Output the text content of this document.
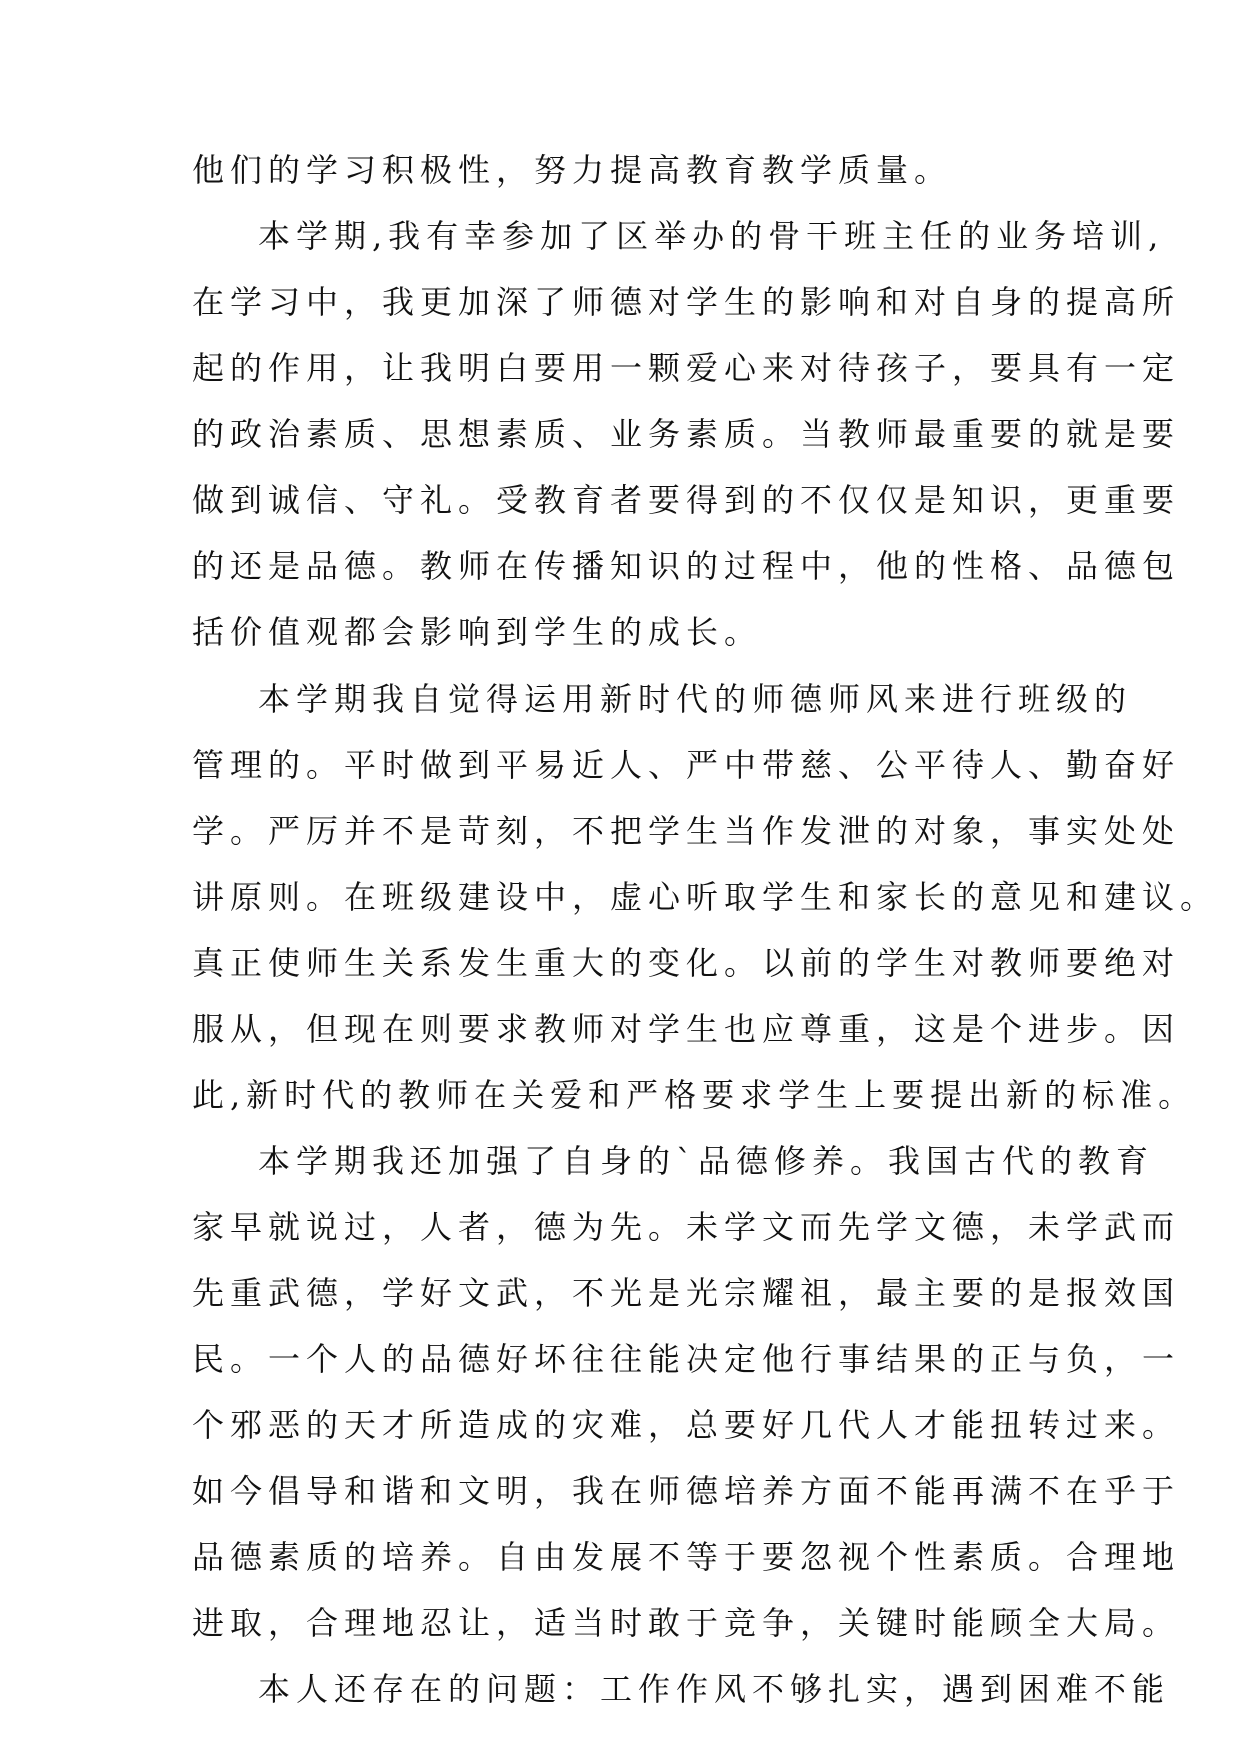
他们的学习积极性，努力提高教育教学质量。
本学期,我有幸参加了区举办的骨干班主任的业务培训,
在学习中，我更加深了师德对学生的影响和对自身的提高所
起的作用，让我明白要用一颗爱心来对待孩子，要具有一定
的政治素质、思想素质、业务素质。当教师最重要的就是要
做到诚信、守礼。受教育者要得到的不仅仅是知识，更重要
的还是品德。教师在传播知识的过程中，他的性格、品德包
括价值观都会影响到学生的成长。
本学期我自觉得运用新时代的师德师风来进行班级的
管理的。平时做到平易近人、严中带慈、公平待人、勤奋好
学。严厉并不是苛刻，不把学生当作发泄的对象，事实处处
讲原则。在班级建设中，虚心听取学生和家长的意见和建议。
真正使师生关系发生重大的变化。以前的学生对教师要绝对
服从，但现在则要求教师对学生也应尊重，这是个进步。因
此,新时代的教师在关爱和严格要求学生上要提出新的标准。
本学期我还加强了自身的`品德修养。我国古代的教育
家早就说过，人者，德为先。未学文而先学文德，未学武而
先重武德，学好文武，不光是光宗耀祖，最主要的是报效国
民。一个人的品德好坏往往能决定他行事结果的正与负，一
个邪恶的天才所造成的灾难，总要好几代人才能扭转过来。
如今倡导和谐和文明，我在师德培养方面不能再满不在乎于
品德素质的培养。自由发展不等于要忽视个性素质。合理地
进取，合理地忍让，适当时敢于竞争，关键时能顾全大局。
本人还存在的问题：工作作风不够扎实，遇到困难不能
